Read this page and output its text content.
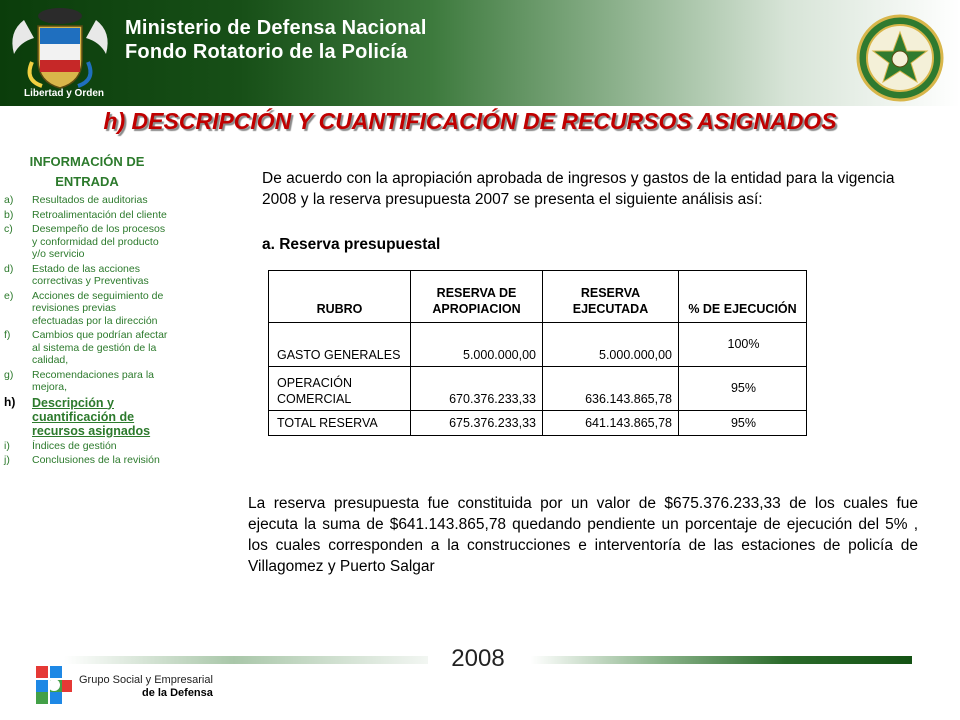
Libertad y Orden
Ministerio de Defensa Nacional
Fondo Rotatorio de la Policía
h) DESCRIPCIÓN Y CUANTIFICACIÓN DE RECURSOS ASIGNADOS
INFORMACIÓN DE ENTRADA
a)	Resultados de auditorias
b)	Retroalimentación del cliente
c)	Desempeño de los procesos y conformidad del producto y/o servicio
d)	Estado de las acciones correctivas y Preventivas
e)	Acciones de seguimiento de revisiones previas efectuadas por la dirección
f)	Cambios que podrían afectar al sistema de gestión de la calidad,
g)	Recomendaciones para la mejora,
h)	Descripción y cuantificación de recursos asignados
i)	Índices de gestión
j)	Conclusiones de la revisión
De acuerdo con la apropiación aprobada de ingresos y gastos de la entidad para la vigencia 2008 y la reserva presupuesta 2007 se presenta el siguiente análisis así:
a. Reserva presupuestal
RUBRO	RESERVA DE APROPIACION	RESERVA EJECUTADA	% DE EJECUCIÓN
GASTO GENERALES	5.000.000,00	5.000.000,00	100%
OPERACIÓN COMERCIAL	670.376.233,33	636.143.865,78	95%
TOTAL RESERVA	675.376.233,33	641.143.865,78	95%
La reserva presupuesta fue constituida por un valor de $675.376.233,33 de los cuales fue ejecuta la suma de $641.143.865,78 quedando pendiente un porcentaje de ejecución del 5% , los cuales corresponden a la construcciones e interventoría de las estaciones de policía de Villagomez y Puerto Salgar
2008
Grupo Social y Empresarial
de la Defensa
